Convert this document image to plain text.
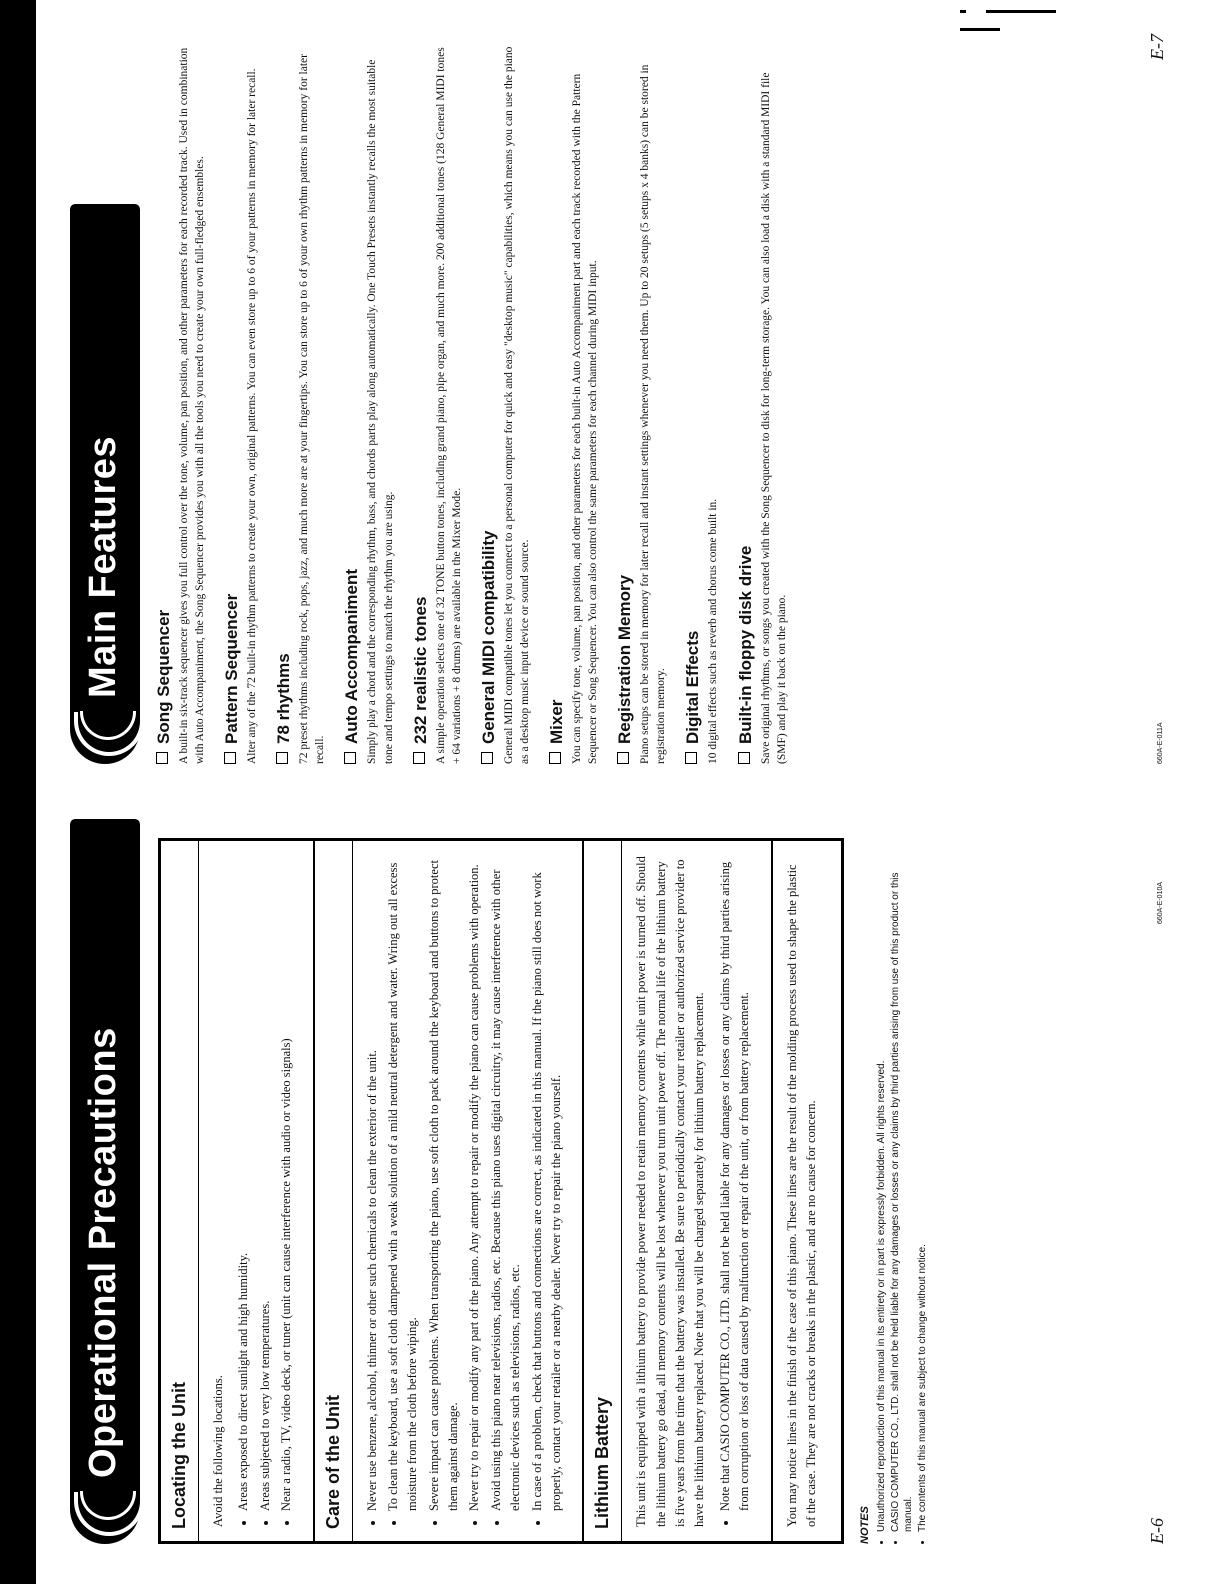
Operational Precautions	Locating the Unit	Avoid the following locations. • Areas exposed to direct sunlight and high humidity. • Areas subjected to very low temperatures. • Near a radio, TV, video deck, or tuner (unit can cause interference with audio or video signals)	Care of the Unit	• Never use benzene, alcohol, thinner or other such chemicals to clean the exterior of the unit. • To clean the keyboard, use a soft cloth dampened with a weak solution of a mild neutral detergent and water. Wring out all excess moisture from the cloth before wiping. • Severe impact can cause problems. When transporting the piano, use soft cloth to pack around the keyboard and buttons to protect them against damage. • Never try to repair or modify any part of the piano. Any attempt to repair or modify the piano can cause problems with operation. • Avoid using this piano near televisions, radios, etc. Because this piano uses digital circuitry, it may cause interference with other electronic devices such as televisions, radios, etc. • In case of a problem, check that buttons and connections are correct, as indicated in this manual. If the piano still does not work properly, contact your retailer or a nearby dealer. Never try to repair the piano yourself.	Lithium Battery	This unit is equipped with a lithium battery to provide power needed to retain memory contents while unit power is turned off. Should the lithium battery go dead, all memory contents will be lost whenever you turn unit power off. The normal life of the lithium battery is five years from the time that the battery was installed. Be sure to periodically contact your retailer or authorized service provider to have the lithium battery replaced. Note that you will be charged separately for lithium battery replacement. • Note that CASIO COMPUTER CO., LTD. shall not be held liable for any damages or losses or any claims by third parties arising from corruption or loss of data caused by malfunction or repair of the unit, or from battery replacement.	You may notice lines in the finish of the case of this piano. These lines are the result of the molding process used to shape the plastic of the case. They are not cracks or breaks in the plastic, and are no cause for concern.	NOTES • Unauthorized reproduction of this manual in its entirety or in part is expressly forbidden. All rights reserved. • CASIO COMPUTER CO., LTD. shall not be held liable for any damages or losses or any claims by third parties arising from use of this product or this manual. • The contents of this manual are subject to change without notice.	E-6
660A-E-010A
Main Features Song Sequencer A built-in six-track sequencer gives you full control over the tone, volume, pan position, and other parameters for each recorded track. Used in combination with Auto Accompaniment, the Song Sequencer provides you with all the tools you need to create your own full-fledged ensembles. Pattern Sequencer Alter any of the 72 built-in rhythm patterns to create your own, original patterns. You can even store up to 6 of your patterns in memory for later recall. 78 rhythms 72 preset rhythms including rock, pops, jazz, and much more are at your fingertips. You can store up to 6 of your own rhythm patterns in memory for later recall.

Auto Accompaniment Simply play a chord and the corresponding rhythm, bass, and chords parts play along automatically. One Touch Presets instantly recalls the most suitable tone and tempo settings to match the rhythm you are using. 232 realistic tones A simple operation selects one of 32 TONE button tones, including grand piano, pipe organ, and much more. 200 additional tones (128 General MIDI tones + 64 variations + 8 drums) are available in the Mixer Mode. General MIDI compatibility General MIDI compatible tones let you connect to a personal computer for quick and easy "desktop music" capabilities, which means you can use the piano as a desktop music input device or sound source. Mixer You can specify tone, volume, pan position, and other parameters for each built-in Auto Accompaniment part and each track recorded with the Pattern Sequencer or Song Sequencer. You can also control the same parameters for each channel during MIDI input. Registration Memory Piano setups can be stored in memory for later recall and instant settings whenever you need them. Up to 20 setups (5 setups x 4 banks) can be stored in registration memory. Digital Effects 10 digital effects such as reverb and chorus come built in. Built-in floppy disk drive Save original rhythms, or songs you created with the Song Sequencer to disk for long-term storage. You can also load a disk with a standard MIDI file (SMF) and play it back on the piano.	660A-E-011A
E-7
